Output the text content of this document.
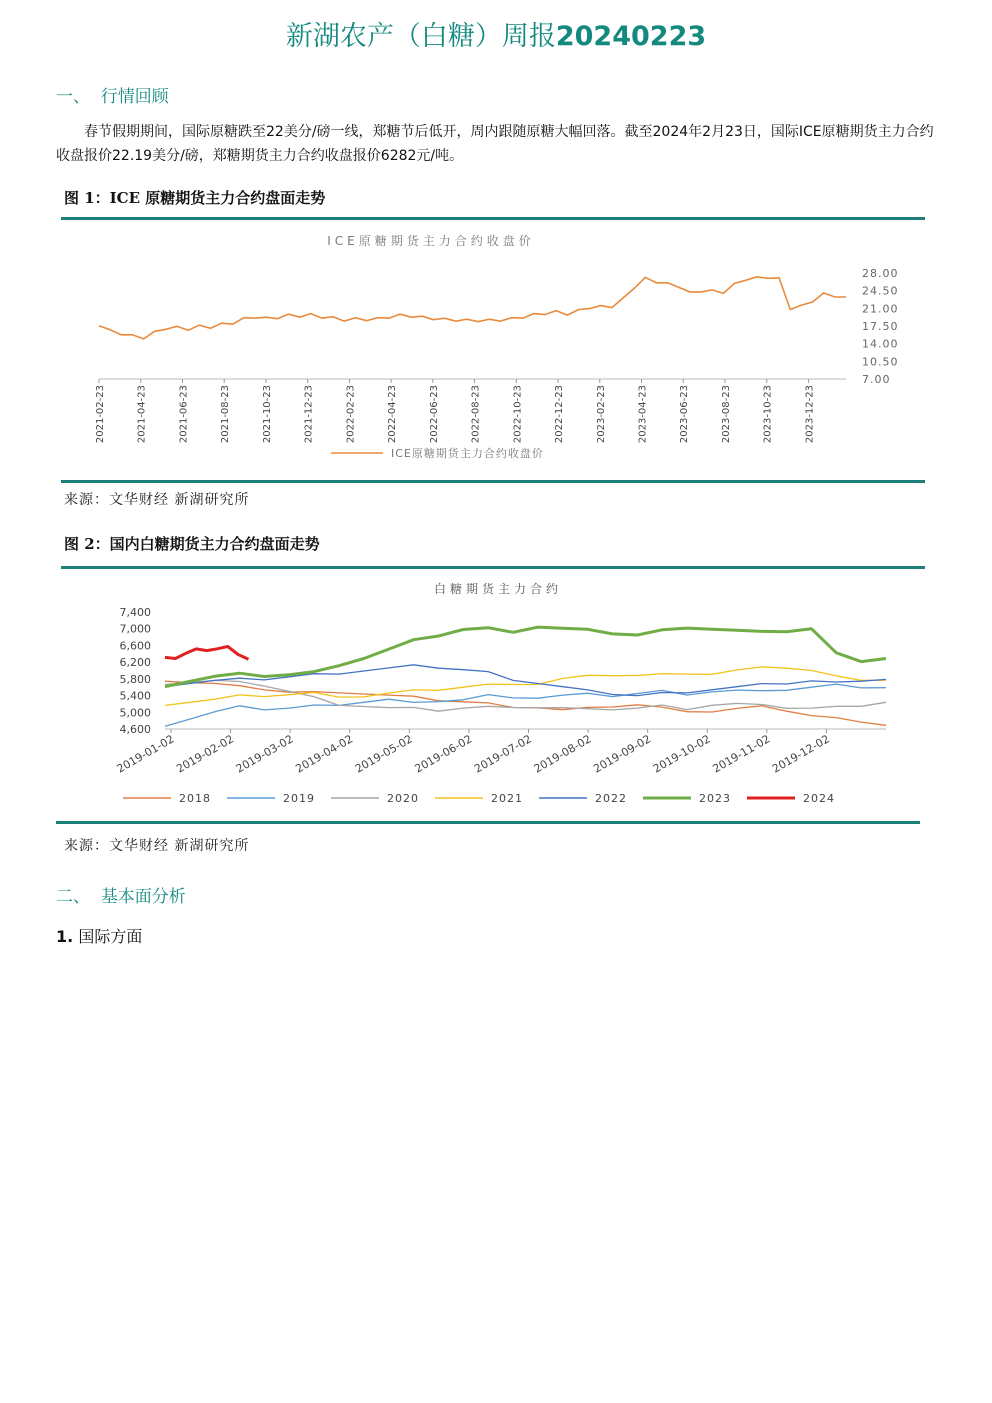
新湖农产（白糖）周报20240223
一、 行情回顾
春节假期期间，国际原糖跌至22美分/磅一线，郑糖节后低开，周内跟随原糖大幅回落。截至2024年2月23日，国际ICE原糖期货主力合约收盘报价22.19美分/磅，郑糖期货主力合约收盘报价6282元/吨。
图 1：ICE 原糖期货主力合约盘面走势
ICE原糖期货主力合约收盘价
7.00
10.50
14.00
17.50
21.00
24.50
28.00
2021-02-23	2021-04-23	2021-06-23	2021-08-23	2021-10-23	2021-12-23	2022-02-23	2022-04-23	2022-06-23	2022-08-23	2022-10-23	2022-12-23	2023-02-23	2023-04-23	2023-06-23	2023-08-23	2023-10-23	2023-12-23
ICE原糖期货主力合约收盘价
来源：文华财经 新湖研究所
图 2：国内白糖期货主力合约盘面走势
白糖期货主力合约
4,600
5,000
5,400
5,800
6,200
6,600
7,000
7,400
2019-01-02
2019-02-02
2019-03-02
2019-04-02
2019-05-02
2019-06-02
2019-07-02
2019-08-02
2019-09-02
2019-10-02
2019-11-02
2019-12-02
2018	2019	2020	2021	2022	2023	2024
来源：文华财经 新湖研究所
二、 基本面分析
1. 国际方面
